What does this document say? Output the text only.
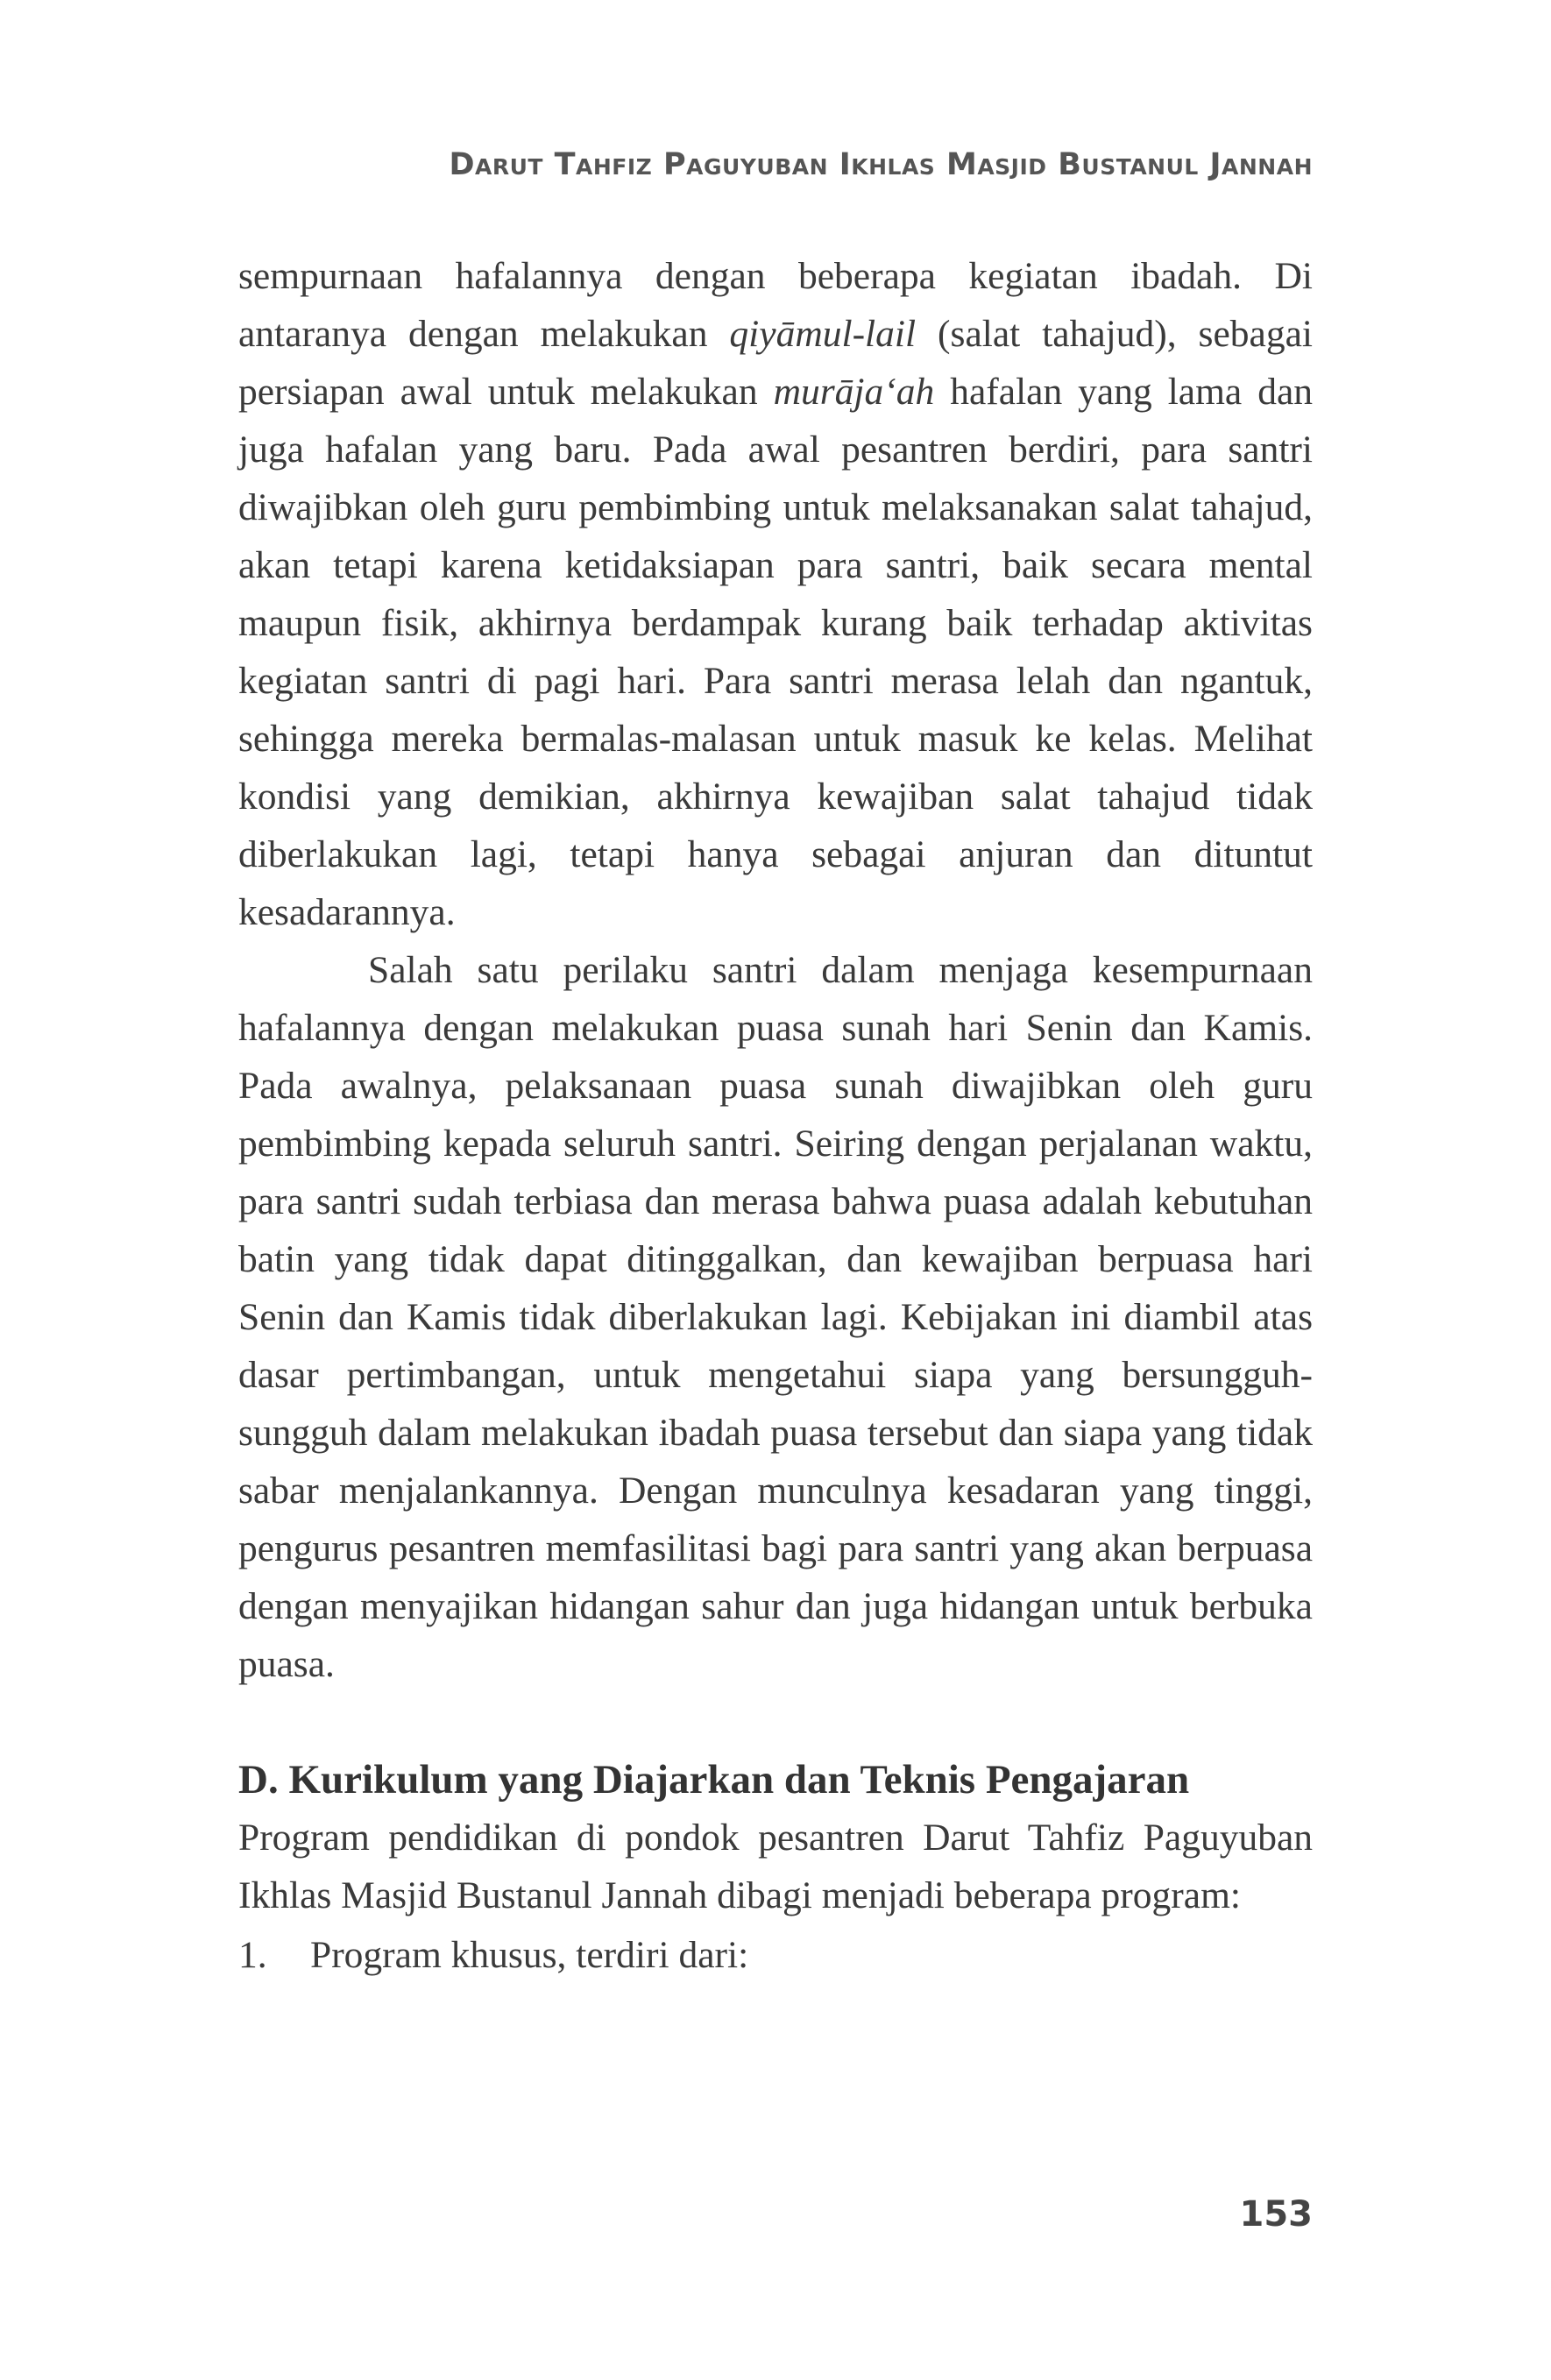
Darut Tahfiz Paguyuban Ikhlas Masjid Bustanul Jannah

sempurnaan hafalannya dengan beberapa kegiatan ibadah. Di antaranya dengan melakukan qiyāmul-lail (salat tahajud), sebagai persiapan awal untuk melakukan murāja‘ah hafalan yang lama dan juga hafalan yang baru. Pada awal pesantren berdiri, para santri diwajibkan oleh guru pembimbing untuk melaksanakan salat tahajud, akan tetapi karena ketidaksiapan para santri, baik secara mental maupun fisik, akhirnya berdampak kurang baik terhadap aktivitas kegiatan santri di pagi hari. Para santri merasa lelah dan ngantuk, sehingga mereka bermalas-malasan untuk masuk ke kelas. Melihat kondisi yang demikian, akhirnya kewajiban salat tahajud tidak diberlakukan lagi, tetapi hanya sebagai anjuran dan dituntut kesadarannya.

Salah satu perilaku santri dalam menjaga kesempurnaan hafalannya dengan melakukan puasa sunah hari Senin dan Kamis. Pada awalnya, pelaksanaan puasa sunah diwajibkan oleh guru pembimbing kepada seluruh santri. Seiring dengan perjalanan waktu, para santri sudah terbiasa dan merasa bahwa puasa adalah kebutuhan batin yang tidak dapat ditinggalkan, dan kewajiban berpuasa hari Senin dan Kamis tidak diberlakukan lagi. Kebijakan ini diambil atas dasar pertimbangan, untuk mengetahui siapa yang bersungguh-sungguh dalam melakukan ibadah puasa tersebut dan siapa yang tidak sabar menjalankannya. Dengan munculnya kesadaran yang tinggi, pengurus pesantren memfasilitasi bagi para santri yang akan berpuasa dengan menyajikan hidangan sahur dan juga hidangan untuk berbuka puasa.

D. Kurikulum yang Diajarkan dan Teknis Pengajaran

Program pendidikan di pondok pesantren Darut Tahfiz Paguyuban Ikhlas Masjid Bustanul Jannah dibagi menjadi beberapa program:

1.	Program khusus, terdiri dari:
153
